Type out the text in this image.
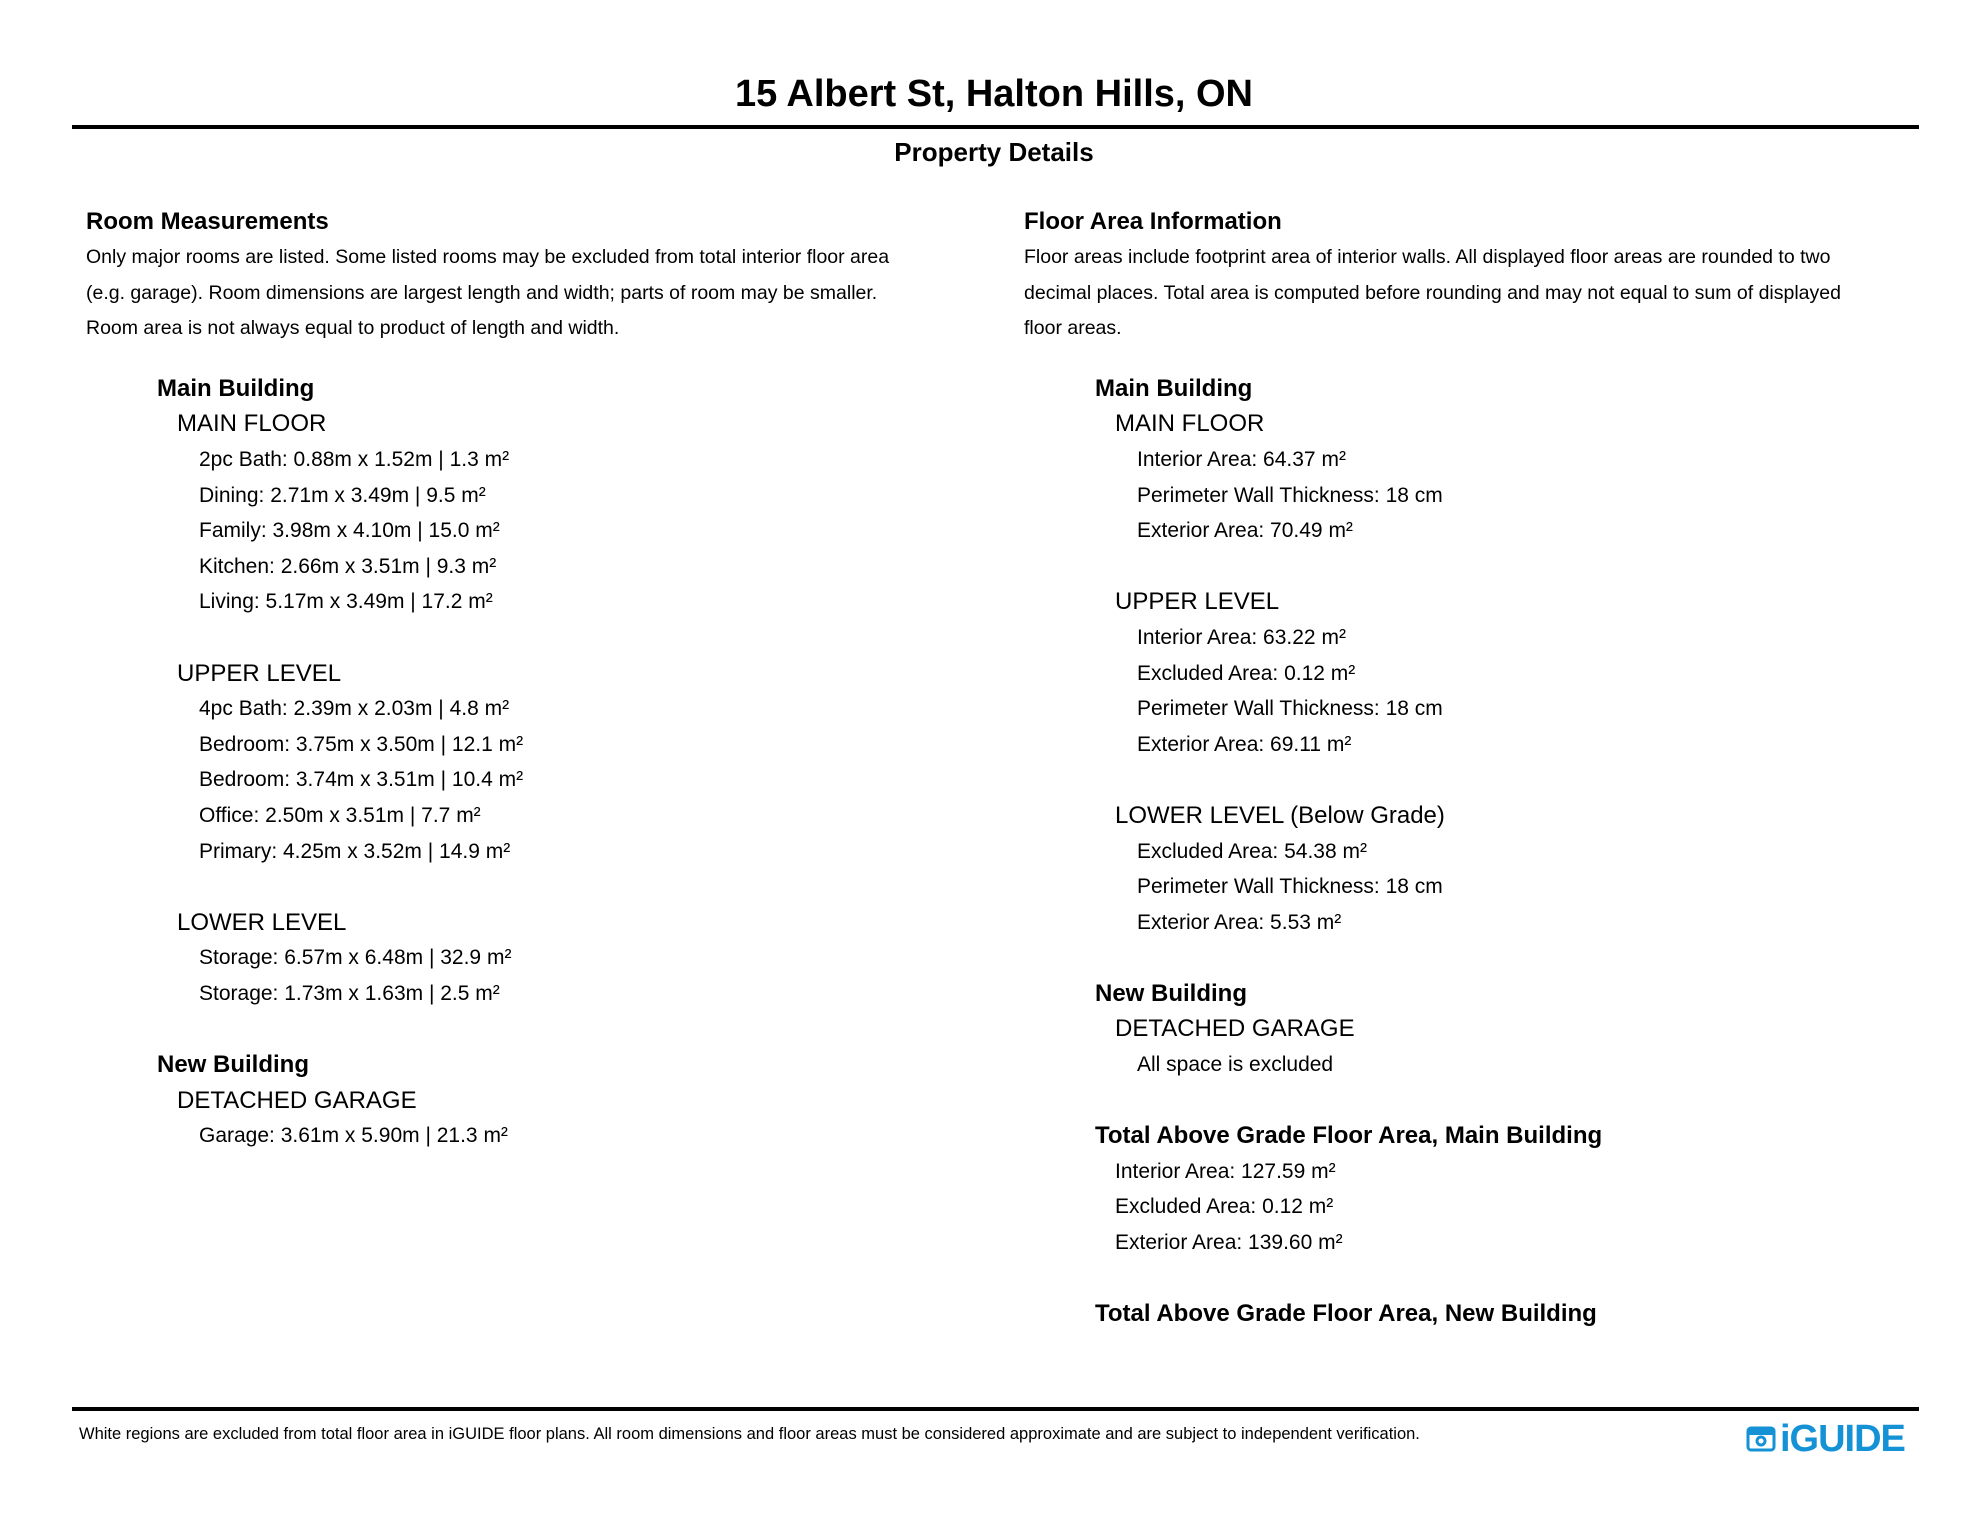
15 Albert St, Halton Hills, ON
Property Details
Room Measurements

Only major rooms are listed. Some listed rooms may be excluded from total interior floor area
(e.g. garage). Room dimensions are largest length and width; parts of room may be smaller.
Room area is not always equal to product of length and width.

Main Building
MAIN FLOOR
2pc Bath: 0.88m x 1.52m | 1.3 m²
Dining: 2.71m x 3.49m | 9.5 m²
Family: 3.98m x 4.10m | 15.0 m²
Kitchen: 2.66m x 3.51m | 9.3 m²
Living: 5.17m x 3.49m | 17.2 m²
UPPER LEVEL
4pc Bath: 2.39m x 2.03m | 4.8 m²
Bedroom: 3.75m x 3.50m | 12.1 m²
Bedroom: 3.74m x 3.51m | 10.4 m²
Office: 2.50m x 3.51m | 7.7 m²
Primary: 4.25m x 3.52m | 14.9 m²
LOWER LEVEL
Storage: 6.57m x 6.48m | 32.9 m²
Storage: 1.73m x 1.63m | 2.5 m²
New Building
DETACHED GARAGE
Garage: 3.61m x 5.90m | 21.3 m²
Floor Area Information

Floor areas include footprint area of interior walls. All displayed floor areas are rounded to two
decimal places. Total area is computed before rounding and may not equal to sum of displayed
floor areas.

Main Building
MAIN FLOOR
Interior Area: 64.37 m²
Perimeter Wall Thickness: 18 cm
Exterior Area: 70.49 m²
UPPER LEVEL
Interior Area: 63.22 m²
Excluded Area: 0.12 m²
Perimeter Wall Thickness: 18 cm
Exterior Area: 69.11 m²
LOWER LEVEL (Below Grade)
Excluded Area: 54.38 m²
Perimeter Wall Thickness: 18 cm
Exterior Area: 5.53 m²
New Building
DETACHED GARAGE
All space is excluded
Total Above Grade Floor Area, Main Building
Interior Area: 127.59 m²
Excluded Area: 0.12 m²
Exterior Area: 139.60 m²
Total Above Grade Floor Area, New Building

White regions are excluded from total floor area in iGUIDE floor plans. All room dimensions and floor areas must be considered approximate and are subject to independent verification.	iGUIDE
